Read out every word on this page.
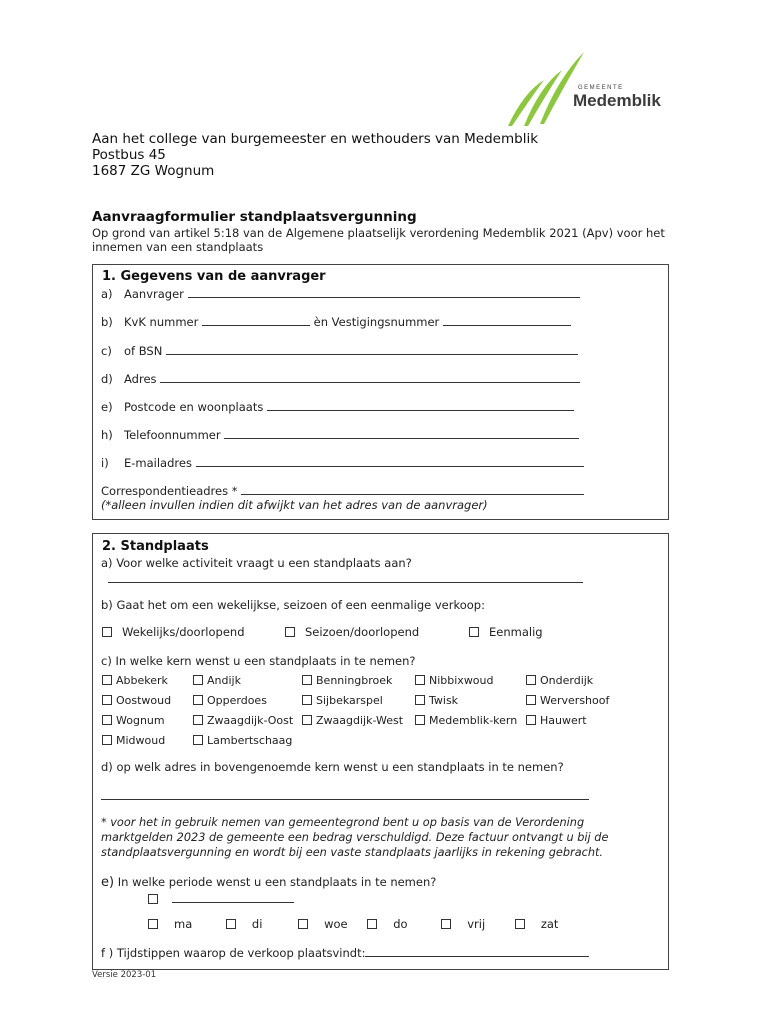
GEMEENTE
Medemblik
Aan het college van burgemeester en wethouders van Medemblik
Postbus 45
1687 ZG Wognum
Aanvraagformulier standplaatsvergunning
Op grond van artikel 5:18 van de Algemene plaatselijk verordening Medemblik 2021 (Apv) voor het innemen van een standplaats
1. Gegevens van de aanvrager
a) Aanvrager
b) KvK nummer	èn Vestigingsnummer
c) of BSN
d) Adres
e) Postcode en woonplaats
h) Telefoonnummer
i) E-mailadres
Correspondentieadres *
(*alleen invullen indien dit afwijkt van het adres van de aanvrager)
2. Standplaats
a) Voor welke activiteit vraagt u een standplaats aan?
b) Gaat het om een wekelijkse, seizoen of een eenmalige verkoop:
Wekelijks/doorlopend	Seizoen/doorlopend	Eenmalig
c) In welke kern wenst u een standplaats in te nemen?
Abbekerk	Andijk	Benningbroek	Nibbixwoud	Onderdijk
Oostwoud	Opperdoes	Sijbekarspel	Twisk	Wervershoof
Wognum	Zwaagdijk-Oost	Zwaagdijk-West	Medemblik-kern	Hauwert
Midwoud	Lambertschaag
d) op welk adres in bovengenoemde kern wenst u een standplaats in te nemen?
* voor het in gebruik nemen van gemeentegrond bent u op basis van de Verordening marktgelden 2023 de gemeente een bedrag verschuldigd. Deze factuur ontvangt u bij de standplaatsvergunning en wordt bij een vaste standplaats jaarlijks in rekening gebracht.
e) In welke periode wenst u een standplaats in te nemen?

ma	di	woe	do	vrij	zat
f ) Tijdstippen waarop de verkoop plaatsvindt:
Versie 2023-01
